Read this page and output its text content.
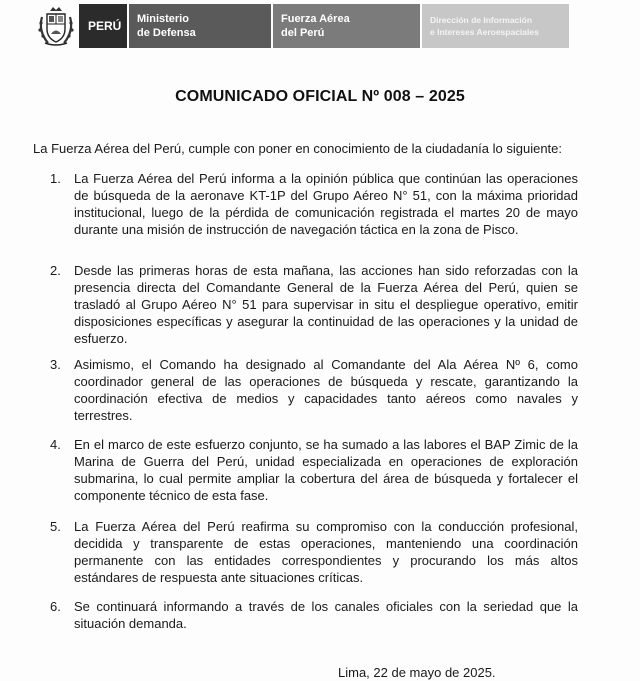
PERÚ	Ministerio
de Defensa
Fuerza Aérea
del Perú
Dirección de Información
e Intereses Aeroespaciales
COMUNICADO OFICIAL Nº 008 – 2025
La Fuerza Aérea del Perú, cumple con poner en conocimiento de la ciudadanía lo siguiente:
1.	La Fuerza Aérea del Perú informa a la opinión pública que continúan las operaciones de búsqueda de la aeronave KT-1P del Grupo Aéreo N° 51, con la máxima prioridad institucional, luego de la pérdida de comunicación registrada el martes 20 de mayo durante una misión de instrucción de navegación táctica en la zona de Pisco.
2.	Desde las primeras horas de esta mañana, las acciones han sido reforzadas con la presencia directa del Comandante General de la Fuerza Aérea del Perú, quien se trasladó al Grupo Aéreo N° 51 para supervisar in situ el despliegue operativo, emitir disposiciones específicas y asegurar la continuidad de las operaciones y la unidad de esfuerzo.
3.	Asimismo, el Comando ha designado al Comandante del Ala Aérea Nº 6, como coordinador general de las operaciones de búsqueda y rescate, garantizando la coordinación efectiva de medios y capacidades tanto aéreos como navales y terrestres.
4.	En el marco de este esfuerzo conjunto, se ha sumado a las labores el BAP Zimic de la Marina de Guerra del Perú, unidad especializada en operaciones de exploración submarina, lo cual permite ampliar la cobertura del área de búsqueda y fortalecer el componente técnico de esta fase.
5.	La Fuerza Aérea del Perú reafirma su compromiso con la conducción profesional, decidida y transparente de estas operaciones, manteniendo una coordinación permanente con las entidades correspondientes y procurando los más altos estándares de respuesta ante situaciones críticas.
6.	Se continuará informando a través de los canales oficiales con la seriedad que la situación demanda.
Lima, 22 de mayo de 2025.
